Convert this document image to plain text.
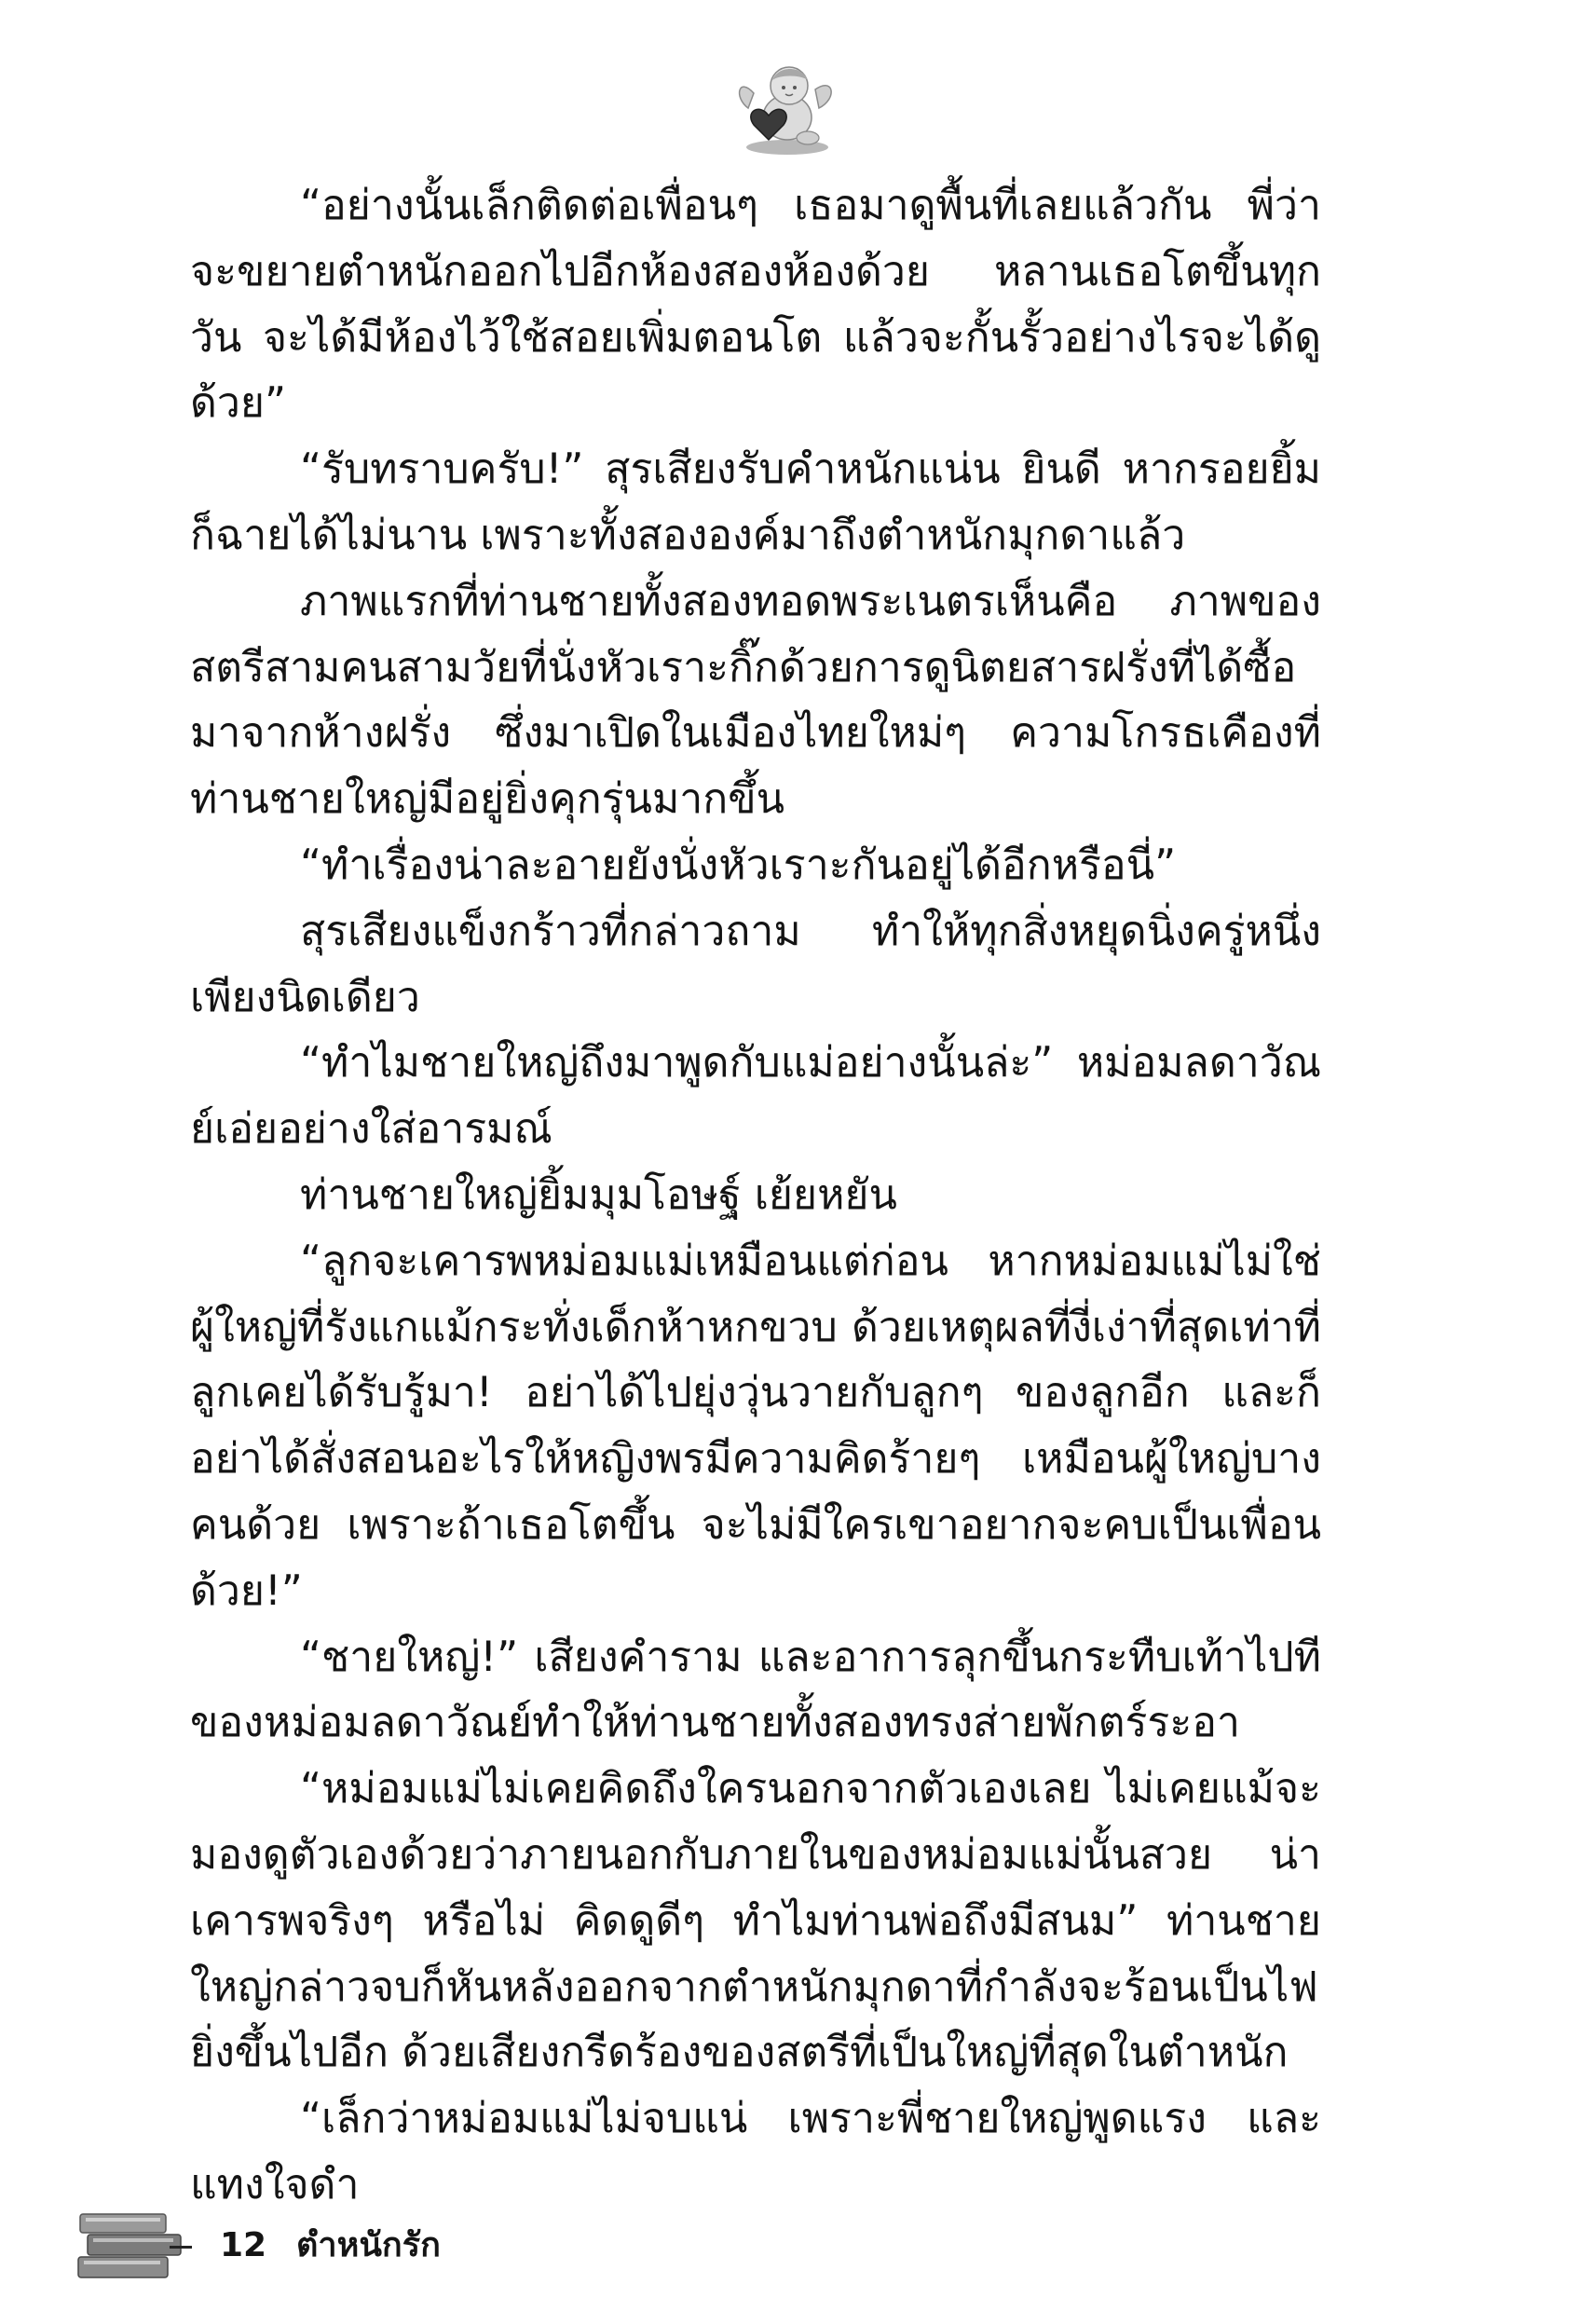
“อย่างนั้นเล็กติดต่อเพื่อนๆ เธอมาดูพื้นที่เลยแล้วกัน พี่ว่าจะขยายตำหนักออกไปอีกห้องสองห้องด้วย หลานเธอโตขึ้นทุกวัน จะได้มีห้องไว้ใช้สอยเพิ่มตอนโต แล้วจะกั้นรั้วอย่างไรจะได้ดูด้วย”

“รับทราบครับ!” สุรเสียงรับคำหนักแน่น ยินดี หากรอยยิ้มก็ฉายได้ไม่นาน เพราะทั้งสององค์มาถึงตำหนักมุกดาแล้ว

ภาพแรกที่ท่านชายทั้งสองทอดพระเนตรเห็นคือ ภาพของสตรีสามคนสามวัยที่นั่งหัวเราะกิ๊กด้วยการดูนิตยสารฝรั่งที่ได้ซื้อมาจากห้างฝรั่ง ซึ่งมาเปิดในเมืองไทยใหม่ๆ ความโกรธเคืองที่ท่านชายใหญ่มีอยู่ยิ่งคุกรุ่นมากขึ้น

“ทำเรื่องน่าละอายยังนั่งหัวเราะกันอยู่ได้อีกหรือนี่”

สุรเสียงแข็งกร้าวที่กล่าวถาม ทำให้ทุกสิ่งหยุดนิ่งครู่หนึ่ง เพียงนิดเดียว

“ทำไมชายใหญ่ถึงมาพูดกับแม่อย่างนั้นล่ะ” หม่อมลดาวัณย์เอ่ยอย่างใส่อารมณ์

ท่านชายใหญ่ยิ้มมุมโอษฐ์ เย้ยหยัน

“ลูกจะเคารพหม่อมแม่เหมือนแต่ก่อน หากหม่อมแม่ไม่ใช่ผู้ใหญ่ที่รังแกแม้กระทั่งเด็กห้าหกขวบ ด้วยเหตุผลที่งี่เง่าที่สุดเท่าที่ลูกเคยได้รับรู้มา! อย่าได้ไปยุ่งวุ่นวายกับลูกๆ ของลูกอีก และก็อย่าได้สั่งสอนอะไรให้หญิงพรมีความคิดร้ายๆ เหมือนผู้ใหญ่บางคนด้วย เพราะถ้าเธอโตขึ้น จะไม่มีใครเขาอยากจะคบเป็นเพื่อนด้วย!”

“ชายใหญ่!” เสียงคำราม และอาการลุกขึ้นกระทืบเท้าไปทีของหม่อมลดาวัณย์ทำให้ท่านชายทั้งสองทรงส่ายพักตร์ระอา

“หม่อมแม่ไม่เคยคิดถึงใครนอกจากตัวเองเลย ไม่เคยแม้จะมองดูตัวเองด้วยว่าภายนอกกับภายในของหม่อมแม่นั้นสวย น่าเคารพจริงๆ หรือไม่ คิดดูดีๆ ทำไมท่านพ่อถึงมีสนม” ท่านชายใหญ่กล่าวจบก็หันหลังออกจากตำหนักมุกดาที่กำลังจะร้อนเป็นไฟยิ่งขึ้นไปอีก ด้วยเสียงกรีดร้องของสตรีที่เป็นใหญ่ที่สุดในตำหนัก

“เล็กว่าหม่อมแม่ไม่จบแน่ เพราะพี่ชายใหญ่พูดแรง และแทงใจดำ

12 ตำหนักรัก
